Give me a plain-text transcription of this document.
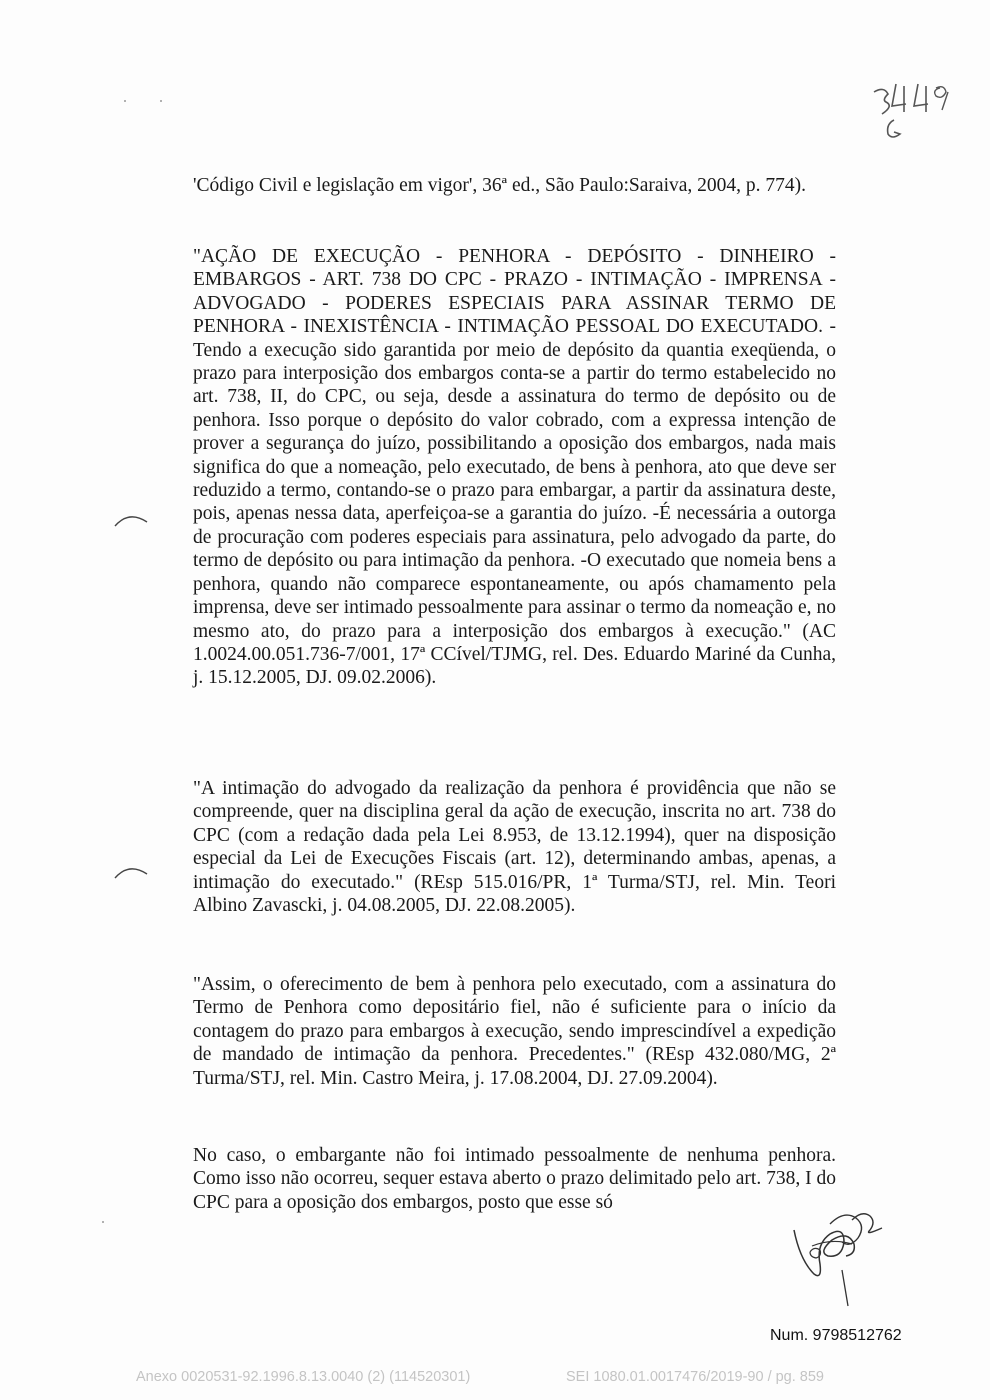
'Código Civil e legislação em vigor', 36ª ed., São Paulo:Saraiva, 2004, p. 774).

"AÇÃO DE EXECUÇÃO - PENHORA - DEPÓSITO - DINHEIRO - EMBARGOS - ART. 738 DO CPC - PRAZO - INTIMAÇÃO - IMPRENSA - ADVOGADO - PODERES ESPECIAIS PARA ASSINAR TERMO DE PENHORA - INEXISTÊNCIA - INTIMAÇÃO PESSOAL DO EXECUTADO. -Tendo a execução sido garantida por meio de depósito da quantia exeqüenda, o prazo para interposição dos embargos conta-se a partir do termo estabelecido no art. 738, II, do CPC, ou seja, desde a assinatura do termo de depósito ou de penhora. Isso porque o depósito do valor cobrado, com a expressa intenção de prover a segurança do juízo, possibilitando a oposição dos embargos, nada mais significa do que a nomeação, pelo executado, de bens à penhora, ato que deve ser reduzido a termo, contando-se o prazo para embargar, a partir da assinatura deste, pois, apenas nessa data, aperfeiçoa-se a garantia do juízo. -É necessária a outorga de procuração com poderes especiais para assinatura, pelo advogado da parte, do termo de depósito ou para intimação da penhora. -O executado que nomeia bens a penhora, quando não comparece espontaneamente, ou após chamamento pela imprensa, deve ser intimado pessoalmente para assinar o termo da nomeação e, no mesmo ato, do prazo para a interposição dos embargos à execução." (AC 1.0024.00.051.736-7/001, 17ª CCível/TJMG, rel. Des. Eduardo Mariné da Cunha, j. 15.12.2005, DJ. 09.02.2006).

"A intimação do advogado da realização da penhora é providência que não se compreende, quer na disciplina geral da ação de execução, inscrita no art. 738 do CPC (com a redação dada pela Lei 8.953, de 13.12.1994), quer na disposição especial da Lei de Execuções Fiscais (art. 12), determinando ambas, apenas, a intimação do executado." (REsp 515.016/PR, 1ª Turma/STJ, rel. Min. Teori Albino Zavascki, j. 04.08.2005, DJ. 22.08.2005).

"Assim, o oferecimento de bem à penhora pelo executado, com a assinatura do Termo de Penhora como depositário fiel, não é suficiente para o início da contagem do prazo para embargos à execução, sendo imprescindível a expedição de mandado de intimação da penhora. Precedentes." (REsp 432.080/MG, 2ª Turma/STJ, rel. Min. Castro Meira, j. 17.08.2004, DJ. 27.09.2004).

No caso, o embargante não foi intimado pessoalmente de nenhuma penhora. Como isso não ocorreu, sequer estava aberto o prazo delimitado pelo art. 738, I do CPC para a oposição dos embargos, posto que esse só

Num. 9798512762
Anexo 0020531-92.1996.8.13.0040 (2) (114520301)	SEI 1080.01.0017476/2019-90 / pg. 859
